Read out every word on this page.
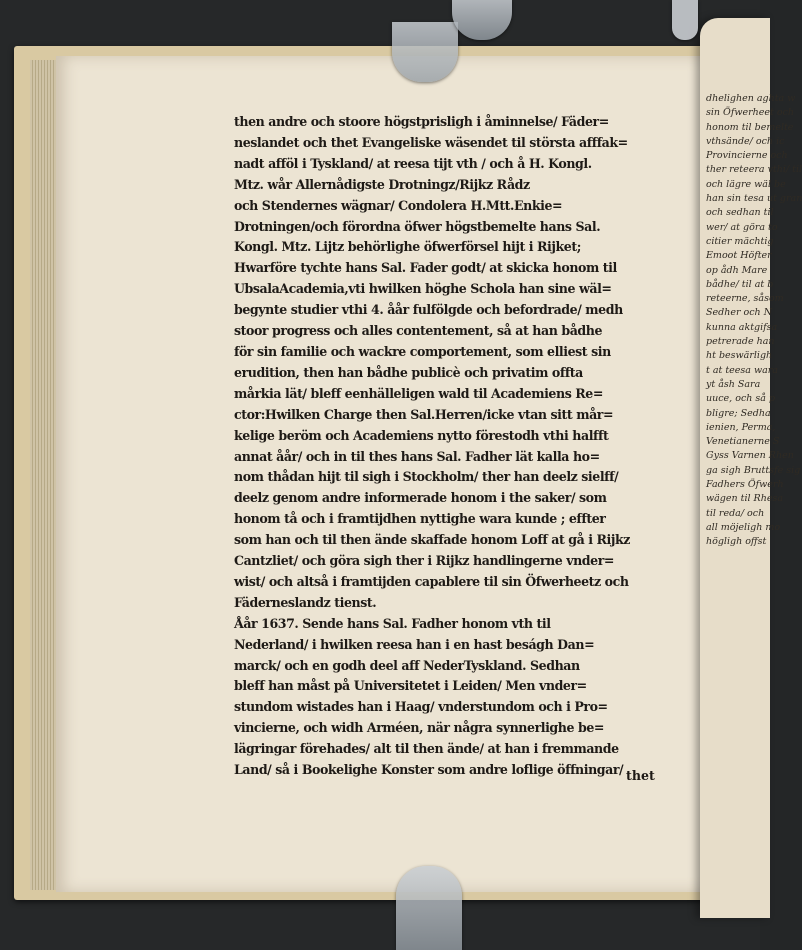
then andre och stoore högstprisligh i åminnelse/ Fäder=
neslandet och thet Evangeliske wäsendet til största afffak=
nadt afföl i Tyskland/ at reesa tijt vth / och å H. Kongl.
Mtz. wår Allernådigste Drotningz/Rijkz Rådz
och Stendernes wägnar/ Condolera H.Mtt.Enkie=
Drotningen/och förordna öfwer högstbemelte hans Sal.
Kongl. Mtz. Lijtz behörlighe öfwerförsel hijt i Rijket;
Hwarföre tychte hans Sal. Fader godt/ at skicka honom til
UbsalaAcademia,vti hwilken höghe Schola han sine wäl=
begynte studier vthi 4. åår fulfölgde och befordrade/ medh
stoor progress och alles contentement, så at han bådhe
för sin familie och wackre comportement, som elliest sin
erudition, then han bådhe publicè och privatim offta
mårkia lät/ bleff eenhälleligen wald til Academiens Re=
ctor:Hwilken Charge then Sal.Herren/icke vtan sitt mår=
kelige beröm och Academiens nytto förestodh vthi halfft
annat åår/ och in til thes hans Sal. Fadher lät kalla ho=
nom thådan hijt til sigh i Stockholm/ ther han deelz sielff/
deelz genom andre informerade honom i the saker/ som
honom tå och i framtijdhen nyttighe wara kunde ; effter
som han och til then ände skaffade honom Loff at gå i Rijkz
Cantzliet/ och göra sigh ther i Rijkz handlingerne vnder=
wist/ och altså i framtijden capablere til sin Öfwerheetz och
Fäderneslandz tienst.
Åår 1637. Sende hans Sal. Fadher honom vth til
Nederland/ i hwilken reesa han i en hast beságh Dan=
marck/ och en godh deel aff NederTyskland. Sedhan
bleff han måst på Universitetet i Leiden/ Men vnder=
stundom wistades han i Haag/ vnderstundom och i Pro=
vincierne, och widh Arméen, när några synnerlighe be=
lägringar förehades/ alt til then ände/ at han i fremmande
Land/ så i Bookelighe Konster som andre loflige öffningar/ thet
dhelighen aghta w
sin Öfwerheet och
honom til bemelte
vthsände/ och ic
Provincierne och
ther reteera vthi/ til
och lägre wäl be
han sin tesa ut gran
och sedhan til
wer/ at göra to
citier mächtig
Emoot Höfter
op ådh Mare
bådhe/ til at b
reteerne, såsom
Sedher och N
kunna aktgifsa
petrerade han
ht beswärligh
t at teesa wara
yt åsh Sara
uuce, och så p
bligre; Sedha
ienien, Perma,
Venetianerne S
Gyss Varnen Rhen
ga sigh Bruttsfe sig
Fadhers Öfwerh
wägen til Rhesa
til reda/ och
all möjeligh mo
högligh offst
